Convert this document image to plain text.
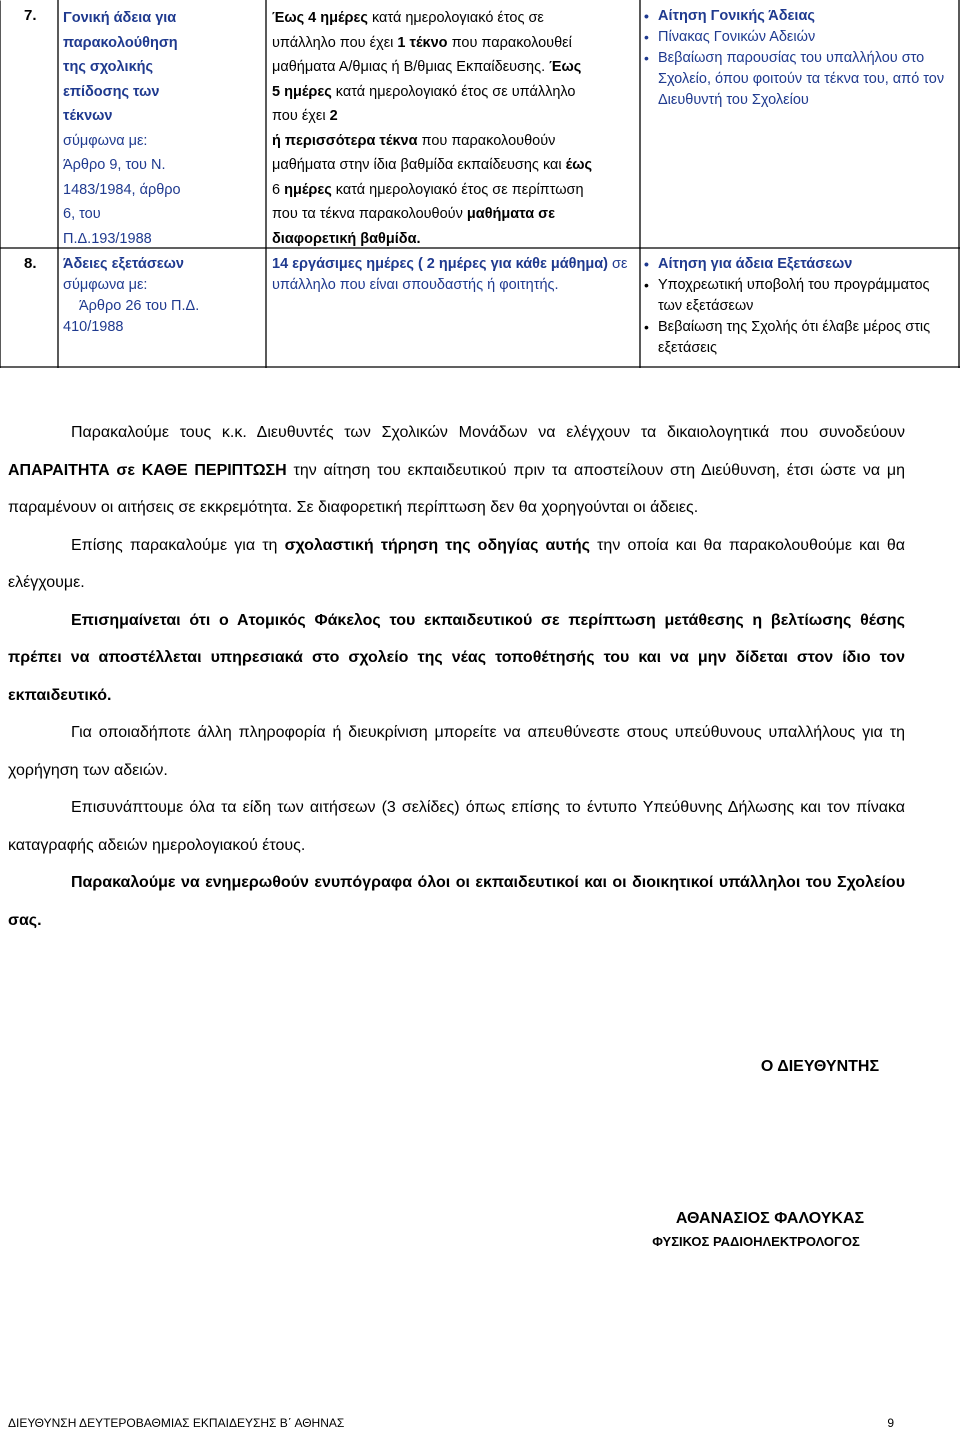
7. Γονική άδεια για
παρακολούθηση
της σχολικής
επίδοσης των
τέκνων
σύμφωνα με:
Άρθρο 9, του Ν.
1483/1984, άρθρο
6, του
Π.Δ.193/1988
Έως 4 ημέρες κατά ημερολογιακό έτος σε υπάλληλο που έχει 1 τέκνο που παρακολουθεί μαθήματα Α/θμιας ή Β/θμιας Εκπαίδευσης. Έως 5 ημέρες κατά ημερολογιακό έτος σε υπάλληλο που έχει 2
ή περισσότερα τέκνα που παρακολουθούν μαθήματα στην ίδια βαθμίδα εκπαίδευσης και έως 6 ημέρες κατά ημερολογιακό έτος σε περίπτωση που τα τέκνα παρακολουθούν μαθήματα σε διαφορετική βαθμίδα.
• Αίτηση Γονικής Άδειας
• Πίνακας Γονικών Αδειών
• Βεβαίωση παρουσίας του υπαλλήλου στο Σχολείο, όπου φοιτούν τα τέκνα του, από τον Διευθυντή του Σχολείου
8. Άδειες εξετάσεων
σύμφωνα με:
Άρθρο 26 του Π.Δ.
410/1988
14 εργάσιμες ημέρες ( 2 ημέρες για κάθε μάθημα) σε υπάλληλο που είναι σπουδαστής ή φοιτητής.
• Αίτηση για άδεια Εξετάσεων
• Υποχρεωτική υποβολή του προγράμματος των εξετάσεων
• Βεβαίωση της Σχολής ότι έλαβε μέρος στις εξετάσεις

Παρακαλούμε τους κ.κ. Διευθυντές των Σχολικών Μονάδων να ελέγχουν τα δικαιολογητικά που συνοδεύουν ΑΠΑΡΑΙΤΗΤΑ σε ΚΑΘΕ ΠΕΡΙΠΤΩΣΗ την αίτηση του εκπαιδευτικού πριν τα αποστείλουν στη Διεύθυνση, έτσι ώστε να μη παραμένουν οι αιτήσεις σε εκκρεμότητα. Σε διαφορετική περίπτωση δεν θα χορηγούνται οι άδειες.

Επίσης παρακαλούμε για τη σχολαστική τήρηση της οδηγίας αυτής την οποία και θα παρακολουθούμε και θα ελέγχουμε.

Επισημαίνεται ότι ο Ατομικός Φάκελος του εκπαιδευτικού σε περίπτωση μετάθεσης η βελτίωσης θέσης πρέπει να αποστέλλεται υπηρεσιακά στο σχολείο της νέας τοποθέτησής του και να μην δίδεται στον ίδιο τον εκπαιδευτικό.

Για οποιαδήποτε άλλη πληροφορία ή διευκρίνιση μπορείτε να απευθύνεστε στους υπεύθυνους υπαλλήλους για τη χορήγηση των αδειών.

Επισυνάπτουμε όλα τα είδη των αιτήσεων (3 σελίδες) όπως επίσης το έντυπο Υπεύθυνης Δήλωσης και τον πίνακα καταγραφής αδειών ημερολογιακού έτους.

Παρακαλούμε να ενημερωθούν ενυπόγραφα όλοι οι εκπαιδευτικοί και οι διοικητικοί υπάλληλοι του Σχολείου σας.

Ο ΔΙΕΥΘΥΝΤΗΣ
ΑΘΑΝΑΣΙΟΣ ΦΑΛΟΥΚΑΣ
ΦΥΣΙΚΟΣ ΡΑΔΙΟΗΛΕΚΤΡΟΛΟΓΟΣ
ΔΙΕΥΘΥΝΣΗ ΔΕΥΤΕΡΟΒΑΘΜΙΑΣ ΕΚΠΑΙΔΕΥΣΗΣ Β΄ ΑΘΗΝΑΣ	9
